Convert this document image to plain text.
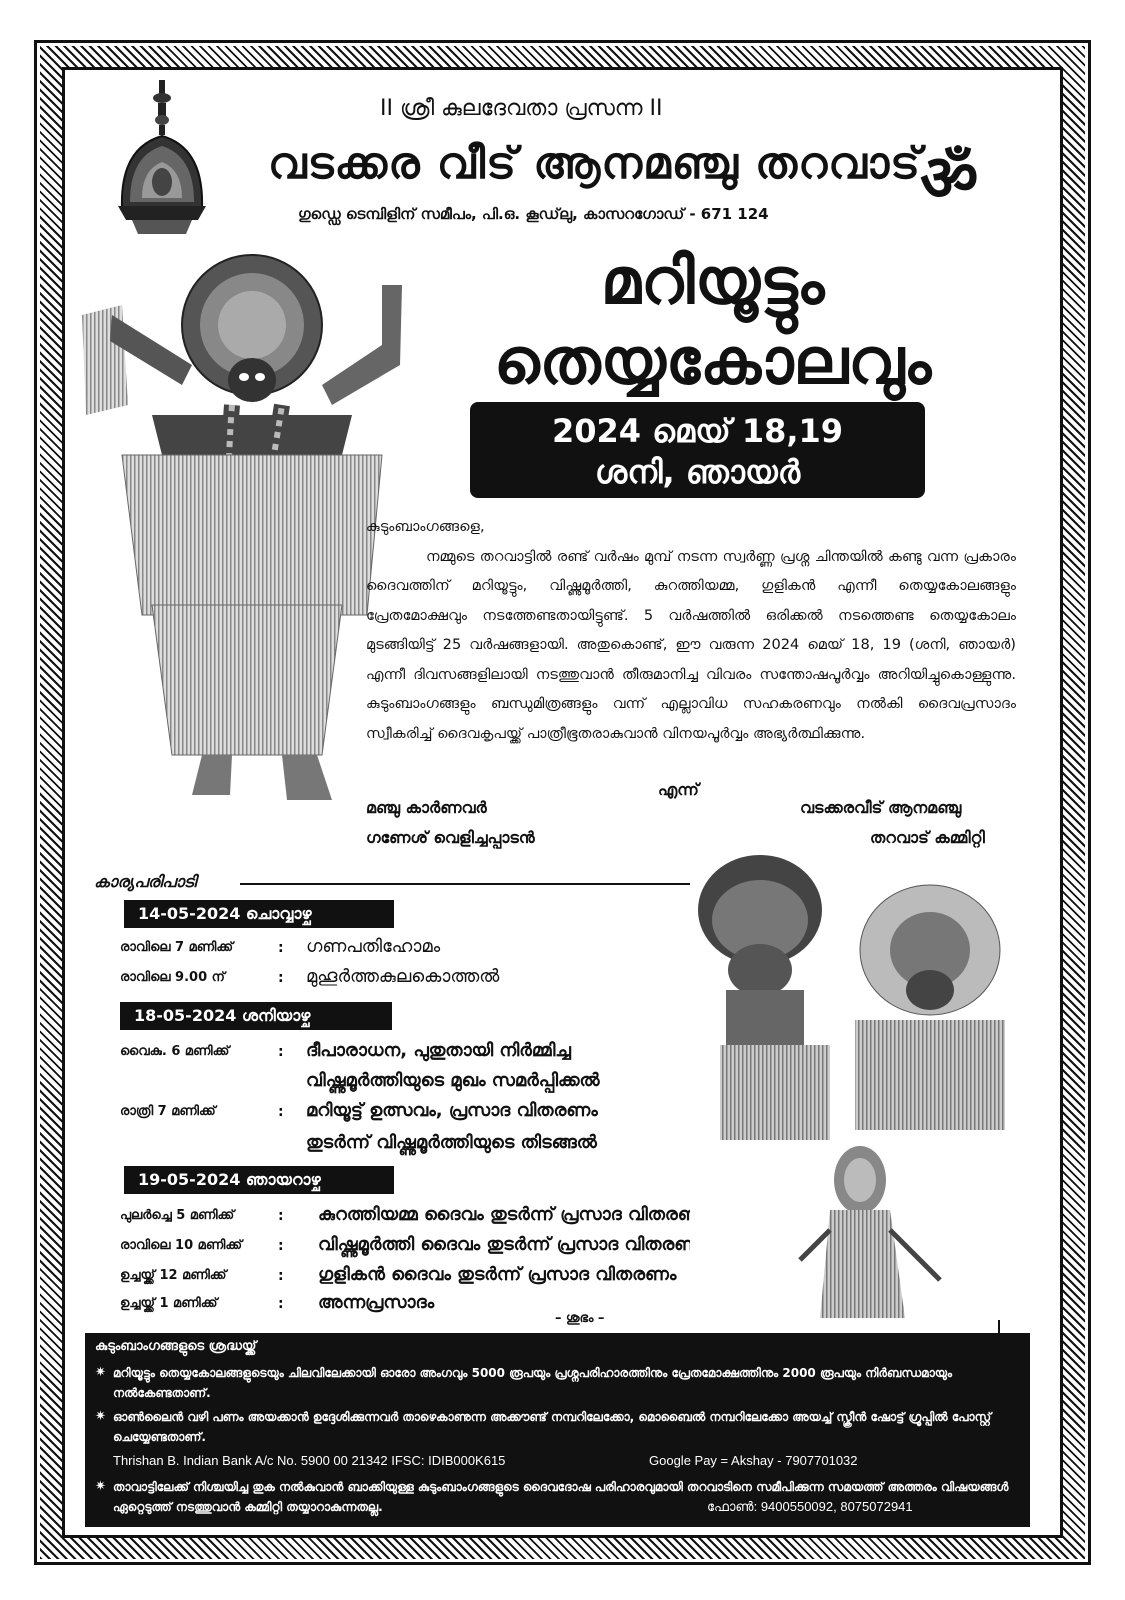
II ശ്രീ കുലദേവതാ പ്രസന്ന II
വടക്കര വീട് ആനമഞ്ചു തറവാട്
ഗുഡ്ഡെ ടെമ്പിളിന് സമീപം, പി.ഒ. കൂഡ്‌ലു, കാസറഗോഡ് - 671 124 ॐ
മറിയൂട്ടും
തെയ്യകോലവും
2024 മെയ് 18,19
ശനി, ഞായർ
കുടുംബാംഗങ്ങളെ,
നമ്മുടെ തറവാട്ടിൽ രണ്ട് വർഷം മുമ്പ് നടന്ന സ്വർണ്ണ പ്രശ്ന ചിന്തയിൽ കണ്ടു വന്ന പ്രകാരം ദൈവത്തിന് മറിയൂട്ടും, വിഷ്ണുമൂർത്തി, കുറത്തിയമ്മ, ഗുളികൻ എന്നീ തെയ്യകോലങ്ങളും പ്രേതമോക്ഷവും നടത്തേണ്ടതായിട്ടുണ്ട്. 5 വർഷത്തിൽ ഒരിക്കൽ നടത്തെണ്ട തെയ്യകോലം മുടങ്ങിയിട്ട് 25 വർഷങ്ങളായി. അതുകൊണ്ട്, ഈ വരുന്ന 2024 മെയ് 18, 19 (ശനി, ഞായർ) എന്നീ ദിവസങ്ങളിലായി നടത്തുവാൻ തീരുമാനിച്ച വിവരം സന്തോഷപൂർവ്വം അറിയിച്ചുകൊള്ളുന്നു. കുടുംബാംഗങ്ങളും ബന്ധുമിത്രങ്ങളും വന്ന് എല്ലാവിധ സഹകരണവും നൽകി ദൈവപ്രസാദം സ്വീകരിച്ച് ദൈവകൃപയ്ക്ക് പാത്രീഭൂതരാകുവാൻ വിനയപൂർവ്വം അഭ്യർത്ഥിക്കുന്നു.
എന്ന്
മഞ്ചു കാർണവർ
ഗണേശ് വെളിച്ചപ്പാടൻ
വടക്കരവീട് ആനമഞ്ചു
തറവാട് കമ്മിറ്റി
കാര്യപരിപാടി
14-05-2024 ചൊവ്വാഴ്ച
രാവിലെ 7 മണിക്ക്	: ഗണപതിഹോമം
രാവിലെ 9.00 ന്	: മുഹൂർത്തകുലകൊത്തൽ
18-05-2024 ശനിയാഴ്ച
വൈകു. 6 മണിക്ക്	: ദീപാരാധന, പുതുതായി നിർമ്മിച്ച
വിഷ്ണുമൂർത്തിയുടെ മുഖം സമർപ്പിക്കൽ
രാത്രി 7 മണിക്ക്	: മറിയൂട്ട് ഉത്സവം, പ്രസാദ വിതരണം
തുടർന്ന് വിഷ്ണുമൂർത്തിയുടെ തിടങ്ങൽ
19-05-2024 ഞായറാഴ്ച
പുലർച്ചെ 5 മണിക്ക്	: കുറത്തിയമ്മ ദൈവം തുടർന്ന് പ്രസാദ വിതരണം
രാവിലെ 10 മണിക്ക്	: വിഷ്ണുമൂർത്തി ദൈവം തുടർന്ന് പ്രസാദ വിതരണം
ഉച്ചയ്ക്ക് 12 മണിക്ക്	: ഗുളികൻ ദൈവം തുടർന്ന് പ്രസാദ വിതരണം
ഉച്ചയ്ക്ക് 1 മണിക്ക്	: അന്നപ്രസാദം
– ശുഭം –
കുടുംബാംഗങ്ങളുടെ ശ്രദ്ധയ്ക്ക്
✷ മറിയൂട്ടും തെയ്യകോലങ്ങളുടെയും ചിലവിലേക്കായി ഓരോ അംഗവും 5000 രൂപയും പ്രശ്നപരിഹാരത്തിനും പ്രേതമോക്ഷത്തിനും 2000 രൂപയും നിർബന്ധമായും നൽകേണ്ടതാണ്.
✷ ഓൺലൈൻ വഴി പണം അയക്കാൻ ഉദ്ദേശിക്കുന്നവർ താഴെകാണുന്ന അക്കൗണ്ട് നമ്പറിലേക്കോ, മൊബൈൽ നമ്പറിലേക്കോ അയച്ച് സ്ക്രീൻ ഷോട്ട് ഗ്രൂപ്പിൽ പോസ്റ്റ് ചെയ്യേണ്ടതാണ്.
Thrishan B. Indian Bank A/c No. 5900 00 21342 IFSC: IDIB000K615	Google Pay = Akshay - 7907701032
✷ താവാട്ടിലേക്ക് നിശ്ചയിച്ച തുക നൽകുവാൻ ബാക്കിയുള്ള കുടുംബാംഗങ്ങളുടെ ദൈവദോഷ പരിഹാരവുമായി തറവാടിനെ സമീപിക്കുന്ന സമയത്ത് അത്തരം വിഷയങ്ങൾ ഏറ്റെടുത്ത് നടത്തുവാൻ കമ്മിറ്റി തയ്യാറാകുന്നതല്ല.	ഫോൺ: 9400550092, 8075072941
